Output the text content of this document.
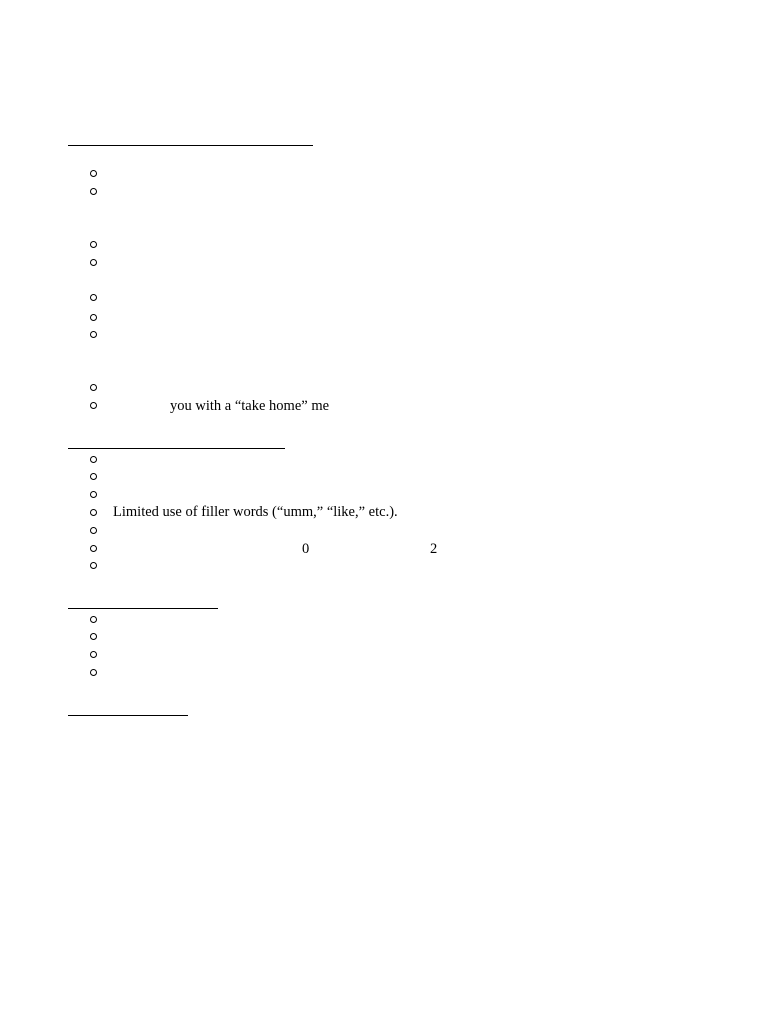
you with a “take home” me
Limited use of filler words (“umm,” “like,” etc.).
0	2
